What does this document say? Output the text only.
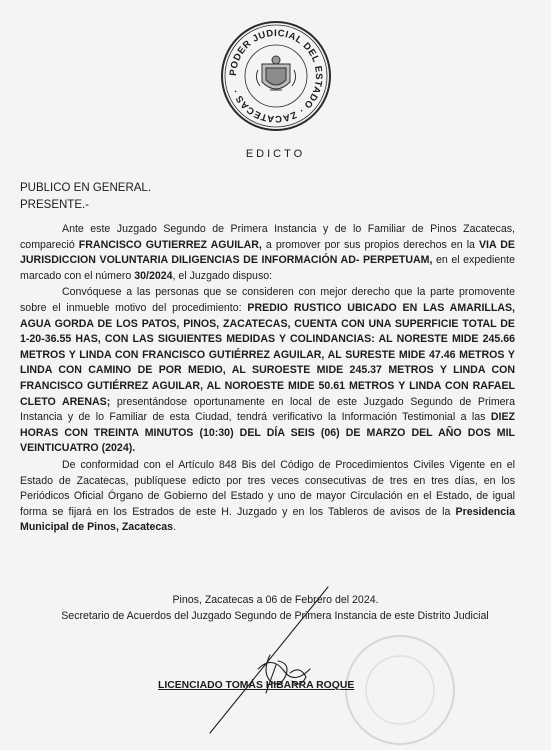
PODER JUDICIAL DEL ESTADO · ZACATECAS ·
EDICTO
PUBLICO EN GENERAL.
PRESENTE.-

Ante este Juzgado Segundo de Primera Instancia y de lo Familiar de Pinos Zacatecas, compareció FRANCISCO GUTIERREZ AGUILAR, a promover por sus propios derechos en la VIA DE JURISDICCION VOLUNTARIA DILIGENCIAS DE INFORMACIÓN AD- PERPETUAM, en el expediente marcado con el número 30/2024, el Juzgado dispuso:

Convóquese a las personas que se consideren con mejor derecho que la parte promovente sobre el inmueble motivo del procedimiento: PREDIO RUSTICO UBICADO EN LAS AMARILLAS, AGUA GORDA DE LOS PATOS, PINOS, ZACATECAS, CUENTA CON UNA SUPERFICIE TOTAL DE 1-20-36.55 HAS, CON LAS SIGUIENTES MEDIDAS Y COLINDANCIAS: AL NORESTE MIDE 245.66 METROS Y LINDA CON FRANCISCO GUTIÉRREZ AGUILAR, AL SURESTE MIDE 47.46 METROS Y LINDA CON CAMINO DE POR MEDIO, AL SUROESTE MIDE 245.37 METROS Y LINDA CON FRANCISCO GUTIÉRREZ AGUILAR, AL NOROESTE MIDE 50.61 METROS Y LINDA CON RAFAEL CLETO ARENAS; presentándose oportunamente en local de este Juzgado Segundo de Primera Instancia y de lo Familiar de esta Ciudad, tendrá verificativo la Información Testimonial a las DIEZ HORAS CON TREINTA MINUTOS (10:30) DEL DÍA SEIS (06) DE MARZO DEL AÑO DOS MIL VEINTICUATRO (2024).

De conformidad con el Artículo 848 Bis del Código de Procedimientos Civiles Vigente en el Estado de Zacatecas, publíquese edicto por tres veces consecutivas de tres en tres días, en los Periódicos Oficial Órgano de Gobierno del Estado y uno de mayor Circulación en el Estado, de igual forma se fijará en los Estrados de este H. Juzgado y en los Tableros de avisos de la Presidencia Municipal de Pinos, Zacatecas.

Pinos, Zacatecas a 06 de Febrero del 2024.
Secretario de Acuerdos del Juzgado Segundo de Primera Instancia de este Distrito Judicial
LICENCIADO TOMÁS HIBARRA ROQUE
